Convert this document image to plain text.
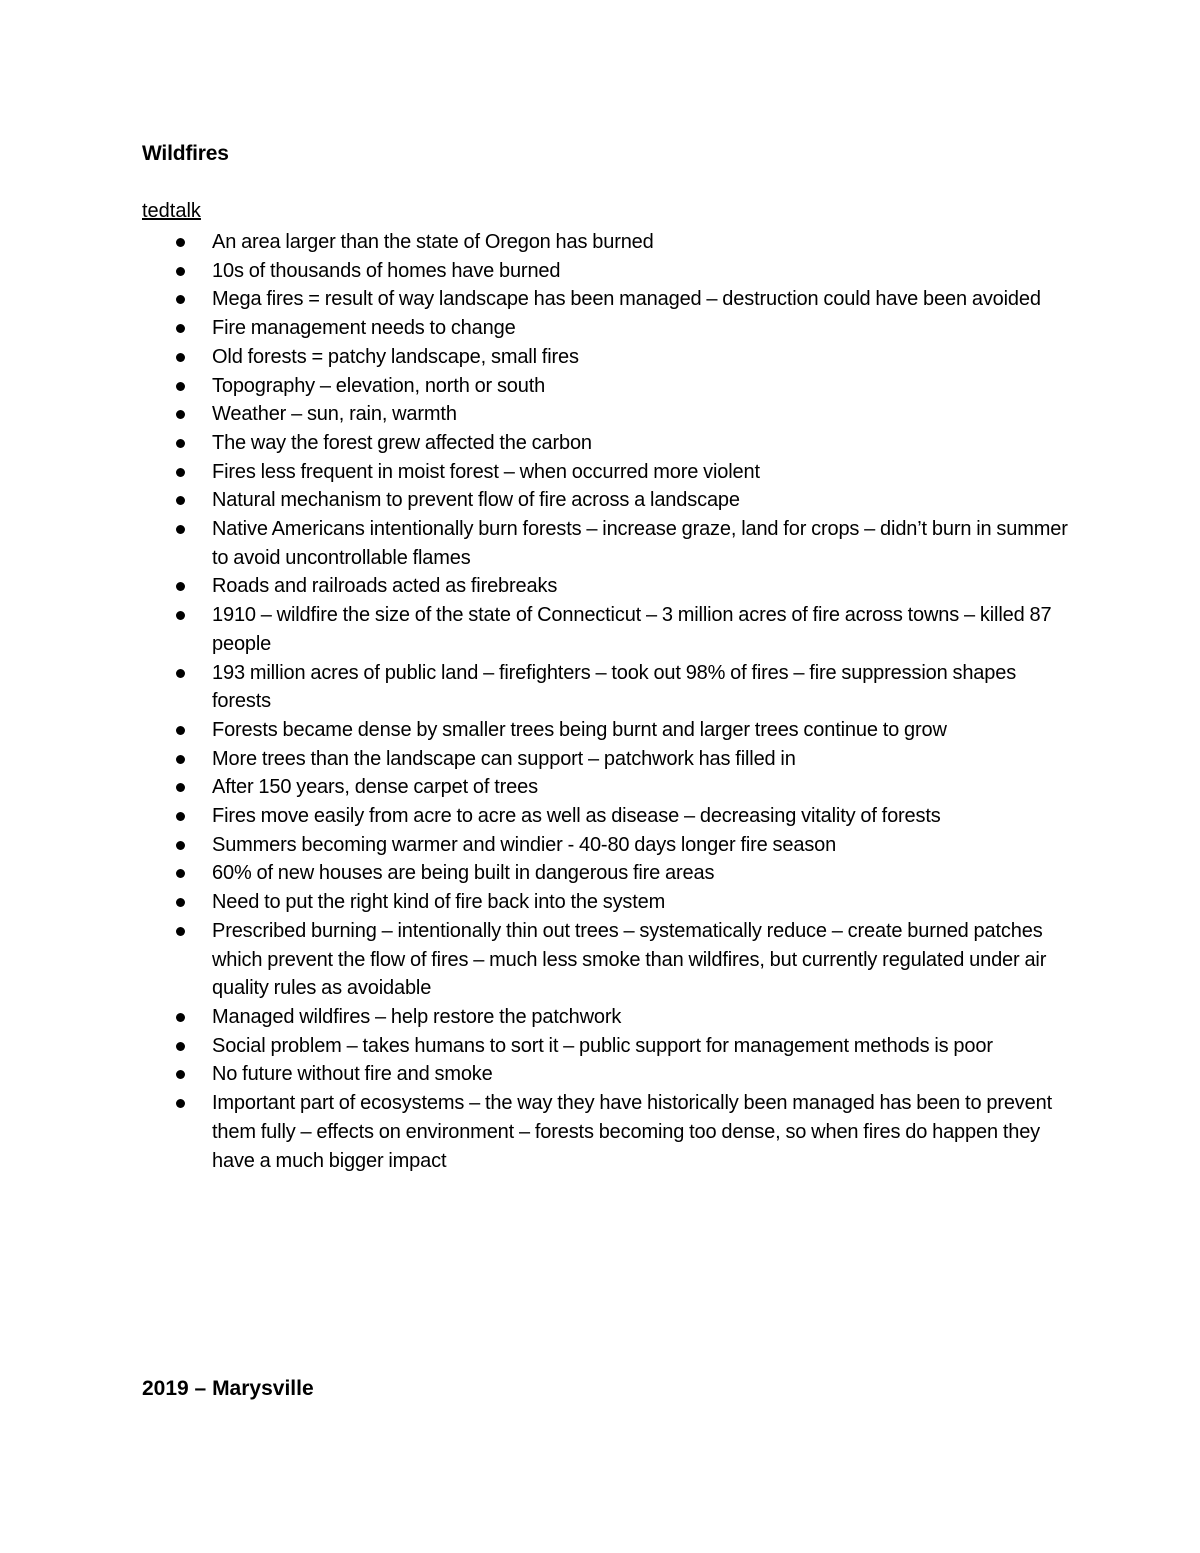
Wildfires

tedtalk

An area larger than the state of Oregon has burned
10s of thousands of homes have burned
Mega fires = result of way landscape has been managed – destruction could have been avoided
Fire management needs to change
Old forests = patchy landscape, small fires
Topography – elevation, north or south
Weather – sun, rain, warmth
The way the forest grew affected the carbon
Fires less frequent in moist forest – when occurred more violent
Natural mechanism to prevent flow of fire across a landscape
Native Americans intentionally burn forests – increase graze, land for crops – didn’t burn in summer to avoid uncontrollable flames
Roads and railroads acted as firebreaks
1910 – wildfire the size of the state of Connecticut – 3 million acres of fire across towns – killed 87 people
193 million acres of public land – firefighters – took out 98% of fires – fire suppression shapes forests
Forests became dense by smaller trees being burnt and larger trees continue to grow
More trees than the landscape can support – patchwork has filled in
After 150 years, dense carpet of trees
Fires move easily from acre to acre as well as disease – decreasing vitality of forests
Summers becoming warmer and windier - 40-80 days longer fire season
60% of new houses are being built in dangerous fire areas
Need to put the right kind of fire back into the system
Prescribed burning – intentionally thin out trees – systematically reduce – create burned patches which prevent the flow of fires – much less smoke than wildfires, but currently regulated under air quality rules as avoidable
Managed wildfires – help restore the patchwork
Social problem – takes humans to sort it – public support for management methods is poor
No future without fire and smoke
Important part of ecosystems – the way they have historically been managed has been to prevent them fully – effects on environment – forests becoming too dense, so when fires do happen they have a much bigger impact
2019 – Marysville
